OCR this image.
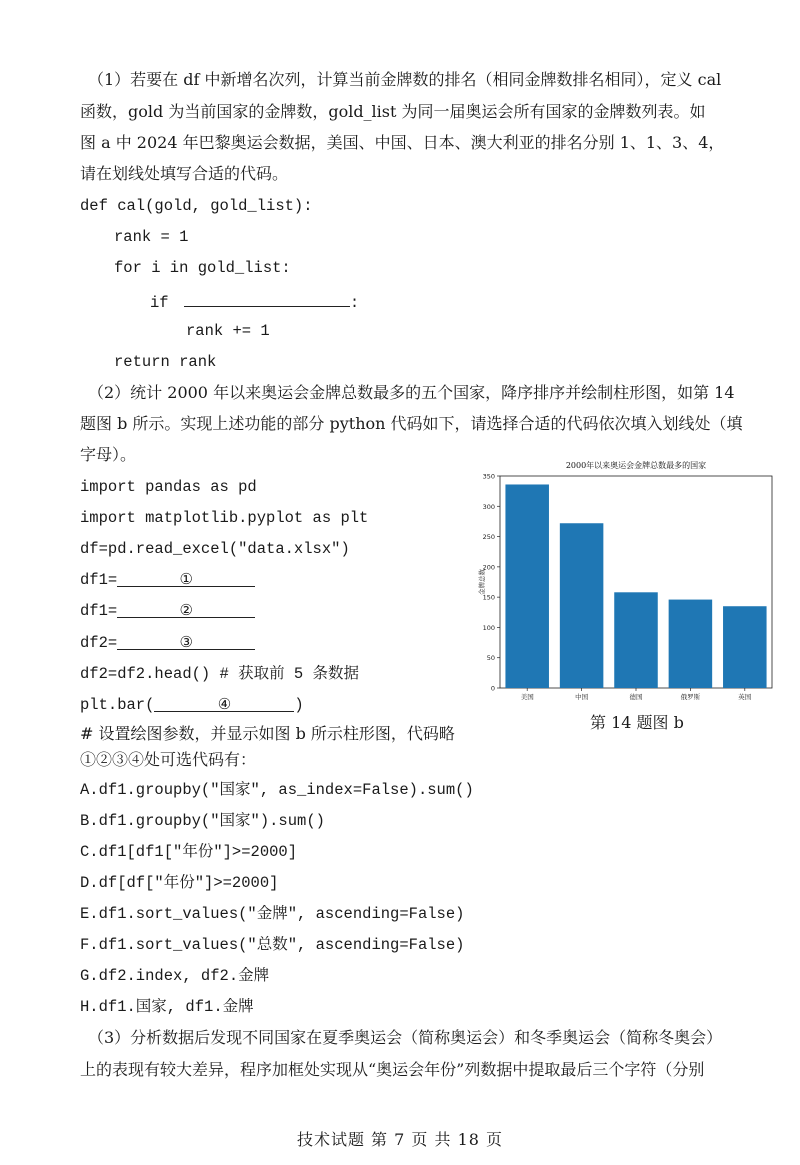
（1）若要在 df 中新增名次列，计算当前金牌数的排名（相同金牌数排名相同），定义 cal
函数，gold 为当前国家的金牌数，gold_list 为同一届奥运会所有国家的金牌数列表。如
图 a 中 2024 年巴黎奥运会数据，美国、中国、日本、澳大利亚的排名分别 1、1、3、4，
请在划线处填写合适的代码。
def cal(gold, gold_list):
rank = 1
for i in gold_list:
if	:
rank += 1
return rank
（2）统计 2000 年以来奥运会金牌总数最多的五个国家，降序排序并绘制柱形图，如第 14
题图 b 所示。实现上述功能的部分 python 代码如下，请选择合适的代码依次填入划线处（填
字母）。
import pandas as pd
import matplotlib.pyplot as plt
df=pd.read_excel("data.xlsx")
df1=	①
df1=	②
df2=	③
df2=df2.head() # 获取前 5 条数据
plt.bar(	④	)
# 设置绘图参数，并显示如图 b 所示柱形图，代码略
①②③④处可选代码有：
A.df1.groupby("国家", as_index=False).sum()
B.df1.groupby("国家").sum()
C.df1[df1["年份"]>=2000]
D.df[df["年份"]>=2000]
E.df1.sort_values("金牌", ascending=False)
F.df1.sort_values("总数", ascending=False)
G.df2.index, df2.金牌
H.df1.国家, df1.金牌
（3）分析数据后发现不同国家在夏季奥运会（简称奥运会）和冬季奥运会（简称冬奥会）
上的表现有较大差异，程序加框处实现从“奥运会年份”列数据中提取最后三个字符（分别
2000年以来奥运会金牌总数最多的国家
0
50
100
150
200
250
300
350
金牌总数
美国	中国	德国	俄罗斯	英国
第 14 题图 b
技术试题 第 7 页 共 18 页
